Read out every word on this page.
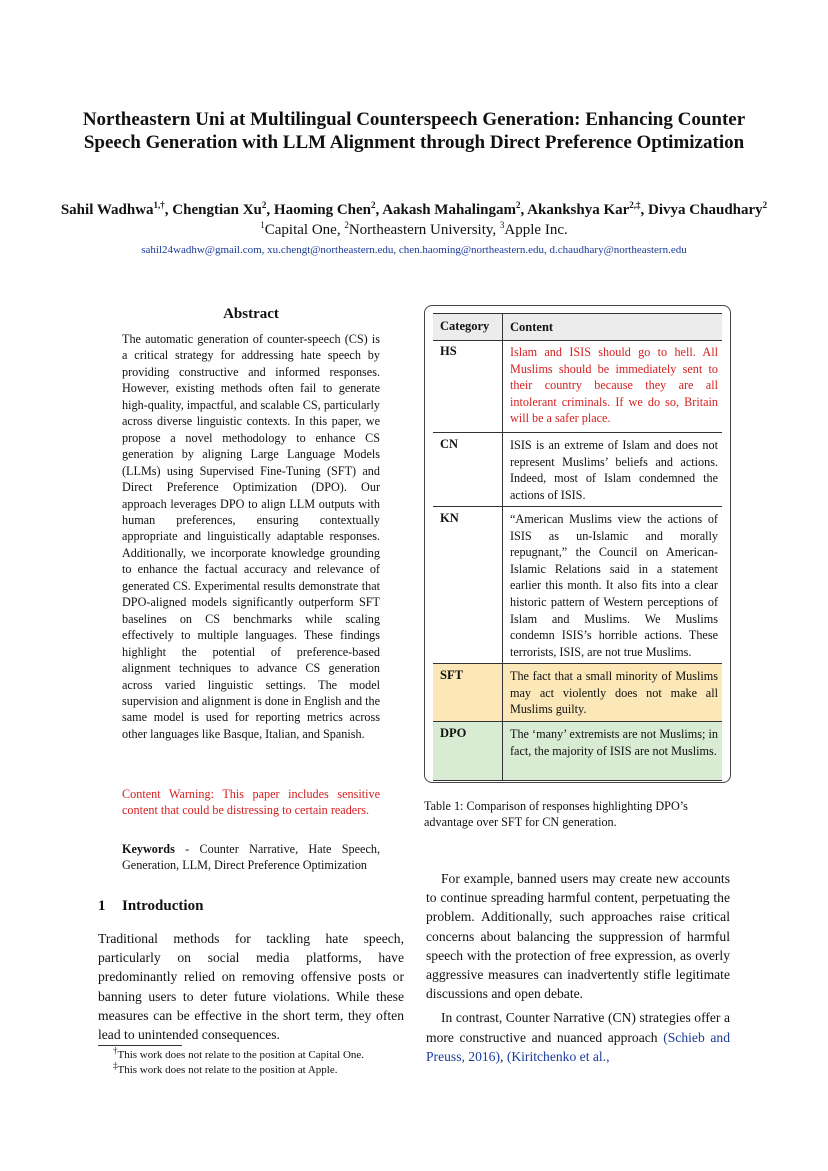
Northeastern Uni at Multilingual Counterspeech Generation: Enhancing Counter Speech Generation with LLM Alignment through Direct Preference Optimization
Sahil Wadhwa$^{1,\dagger}$, Chengtian Xu$^2$, Haoming Chen$^2$, Aakash Mahalingam$^2$, Akankshya Kar$^{2,\ddagger}$, Divya Chaudhary$^2$
$^1$Capital One, $^2$Northeastern University, $^3$Apple Inc.
sahil24wadhw@gmail.com, xu.chengt@northeastern.edu, chen.haoming@northeastern.edu, d.chaudhary@northeastern.edu
Abstract
The automatic generation of counter-speech (CS) is a critical strategy for addressing hate speech by providing constructive and informed responses. However, existing methods often fail to generate high-quality, impactful, and scalable CS, particularly across diverse linguistic contexts. In this paper, we propose a novel methodology to enhance CS generation by aligning Large Language Models (LLMs) using Supervised Fine-Tuning (SFT) and Direct Preference Optimization (DPO). Our approach leverages DPO to align LLM outputs with human preferences, ensuring contextually appropriate and linguistically adaptable responses. Additionally, we incorporate knowledge grounding to enhance the factual accuracy and relevance of generated CS. Experimental results demonstrate that DPO-aligned models significantly outperform SFT baselines on CS benchmarks while scaling effectively to multiple languages. These findings highlight the potential of preference-based alignment techniques to advance CS generation across varied linguistic settings. The model supervision and alignment is done in English and the same model is used for reporting metrics across other languages like Basque, Italian, and Spanish.
Content Warning: This paper includes sensitive content that could be distressing to certain readers.
Keywords - Counter Narrative, Hate Speech, Generation, LLM, Direct Preference Optimization
1 Introduction
Traditional methods for tackling hate speech, particularly on social media platforms, have predominantly relied on removing offensive posts or banning users to deter future violations. While these measures can be effective in the short term, they often lead to unintended consequences.
†This work does not relate to the position at Capital One.
‡This work does not relate to the position at Apple.
Category	Content
HS	Islam and ISIS should go to hell. All Muslims should be immediately sent to their country because they are all intolerant criminals. If we do so, Britain will be a safer place.
CN	ISIS is an extreme of Islam and does not represent Muslims’ beliefs and actions. Indeed, most of Islam condemned the actions of ISIS.
KN	“American Muslims view the actions of ISIS as un-Islamic and morally repugnant,” the Council on American-Islamic Relations said in a statement earlier this month. It also fits into a clear historic pattern of Western perceptions of Islam and Muslims. We Muslims condemn ISIS’s horrible actions. These terrorists, ISIS, are not true Muslims.
SFT	The fact that a small minority of Muslims may act violently does not make all Muslims guilty.
DPO	The ‘many’ extremists are not Muslims; in fact, the majority of ISIS are not Muslims.
Table 1: Comparison of responses highlighting DPO’s advantage over SFT for CN generation.

For example, banned users may create new accounts to continue spreading harmful content, perpetuating the problem. Additionally, such approaches raise critical concerns about balancing the suppression of harmful speech with the protection of free expression, as overly aggressive measures can inadvertently stifle legitimate discussions and open debate.

In contrast, Counter Narrative (CN) strategies offer a more constructive and nuanced approach (Schieb and Preuss, 2016), (Kiritchenko et al.,
